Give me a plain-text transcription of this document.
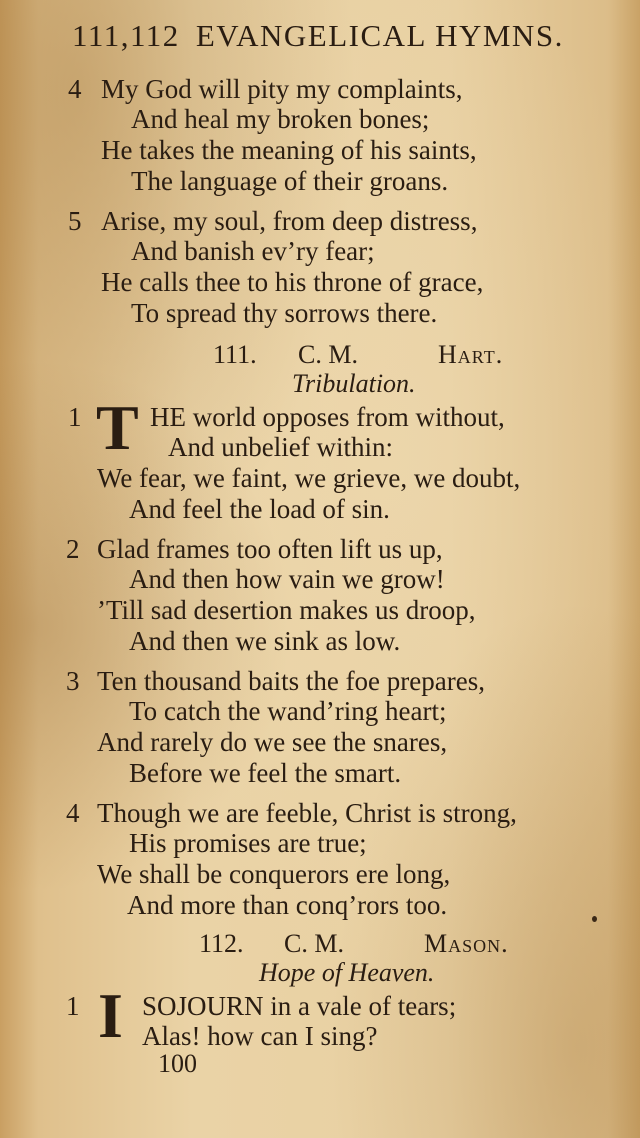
111,112 EVANGELICAL HYMNS.
4 My God will pity my complaints,
And heal my broken bones;
He takes the meaning of his saints,
The language of their groans.
5 Arise, my soul, from deep distress,
And banish ev’ry fear;
He calls thee to his throne of grace,
To spread thy sorrows there.
111. C. M.	Hart.
Tribulation.
1 T HE world opposes from without,
And unbelief within:
We fear, we faint, we grieve, we doubt,
And feel the load of sin.
2 Glad frames too often lift us up,
And then how vain we grow!
’Till sad desertion makes us droop,
And then we sink as low.
3 Ten thousand baits the foe prepares,
To catch the wand’ring heart;
And rarely do we see the snares,
Before we feel the smart.
4 Though we are feeble, Christ is strong,
His promises are true;
We shall be conquerors ere long,
And more than conq’rors too.
112. C. M.	Mason.
Hope of Heaven.
1 I SOJOURN in a vale of tears;
Alas! how can I sing?
100
